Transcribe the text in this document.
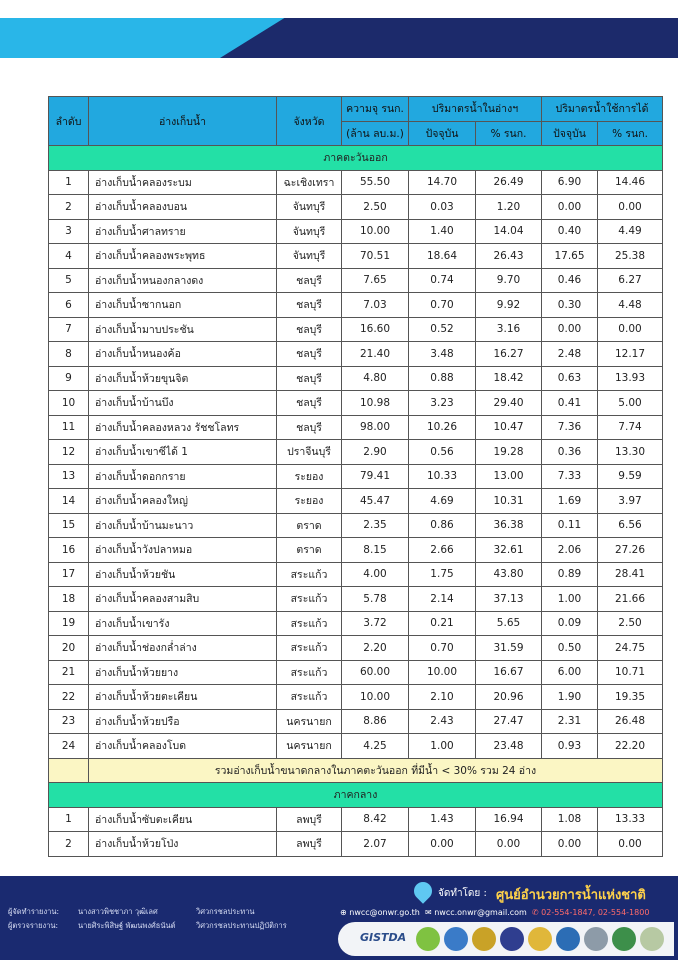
ลำดับ	อ่างเก็บน้ำ	จังหวัด	ความจุ รนก.	ปริมาตรน้ำในอ่างฯ		ปริมาตรน้ำใช้การได้	
			(ล้าน ลบ.ม.)	ปัจจุบัน	% รนก.	ปัจจุบัน	% รนก.
ภาคตะวันออก							
1	อ่างเก็บน้ำคลองระบม	ฉะเชิงเทรา	55.50	14.70	26.49	6.90	14.46
2	อ่างเก็บน้ำคลองบอน	จันทบุรี	2.50	0.03	1.20	0.00	0.00
3	อ่างเก็บน้ำศาลทราย	จันทบุรี	10.00	1.40	14.04	0.40	4.49
4	อ่างเก็บน้ำคลองพระพุทธ	จันทบุรี	70.51	18.64	26.43	17.65	25.38
5	อ่างเก็บน้ำหนองกลางดง	ชลบุรี	7.65	0.74	9.70	0.46	6.27
6	อ่างเก็บน้ำซากนอก	ชลบุรี	7.03	0.70	9.92	0.30	4.48
7	อ่างเก็บน้ำมาบประชัน	ชลบุรี	16.60	0.52	3.16	0.00	0.00
8	อ่างเก็บน้ำหนองค้อ	ชลบุรี	21.40	3.48	16.27	2.48	12.17
9	อ่างเก็บน้ำห้วยขุนจิต	ชลบุรี	4.80	0.88	18.42	0.63	13.93
10	อ่างเก็บน้ำบ้านบึง	ชลบุรี	10.98	3.23	29.40	0.41	5.00
11	อ่างเก็บน้ำคลองหลวง รัชชโลทร	ชลบุรี	98.00	10.26	10.47	7.36	7.74
12	อ่างเก็บน้ำเขาซีได้ 1	ปราจีนบุรี	2.90	0.56	19.28	0.36	13.30
13	อ่างเก็บน้ำดอกกราย	ระยอง	79.41	10.33	13.00	7.33	9.59
14	อ่างเก็บน้ำคลองใหญ่	ระยอง	45.47	4.69	10.31	1.69	3.97
15	อ่างเก็บน้ำบ้านมะนาว	ตราด	2.35	0.86	36.38	0.11	6.56
16	อ่างเก็บน้ำวังปลาหมอ	ตราด	8.15	2.66	32.61	2.06	27.26
17	อ่างเก็บน้ำห้วยชัน	สระแก้ว	4.00	1.75	43.80	0.89	28.41
18	อ่างเก็บน้ำคลองสามสิบ	สระแก้ว	5.78	2.14	37.13	1.00	21.66
19	อ่างเก็บน้ำเขารัง	สระแก้ว	3.72	0.21	5.65	0.09	2.50
20	อ่างเก็บน้ำช่องกล่ำล่าง	สระแก้ว	2.20	0.70	31.59	0.50	24.75
21	อ่างเก็บน้ำห้วยยาง	สระแก้ว	60.00	10.00	16.67	6.00	10.71
22	อ่างเก็บน้ำห้วยตะเคียน	สระแก้ว	10.00	2.10	20.96	1.90	19.35
23	อ่างเก็บน้ำห้วยปรือ	นครนายก	8.86	2.43	27.47	2.31	26.48
24	อ่างเก็บน้ำคลองโบด	นครนายก	4.25	1.00	23.48	0.93	22.20
	รวมอ่างเก็บน้ำขนาดกลางในภาคตะวันออก ที่มีน้ำ < 30% รวม 24 อ่าง						
ภาคกลาง							
1	อ่างเก็บน้ำซับตะเคียน	ลพบุรี	8.42	1.43	16.94	1.08	13.33
2	อ่างเก็บน้ำห้วยโป่ง	ลพบุรี	2.07	0.00	0.00	0.00	0.00
ผู้จัดทำรายงาน:	นางสาวพิชชาภา วุฒิเลศ	วิศวกรชลประทาน
ผู้ตรวจรายงาน:	นายศิระพิสิษฐ์ พัฒนพงศ์ธนันต์	วิศวกรชลประทานปฏิบัติการ
จัดทำโดย : ศูนย์อำนวยการน้ำแห่งชาติ
⊕ nwcc@onwr.go.th ✉ nwcc.onwr@gmail.com ✆ 02-554-1847, 02-554-1800
GISTDA
